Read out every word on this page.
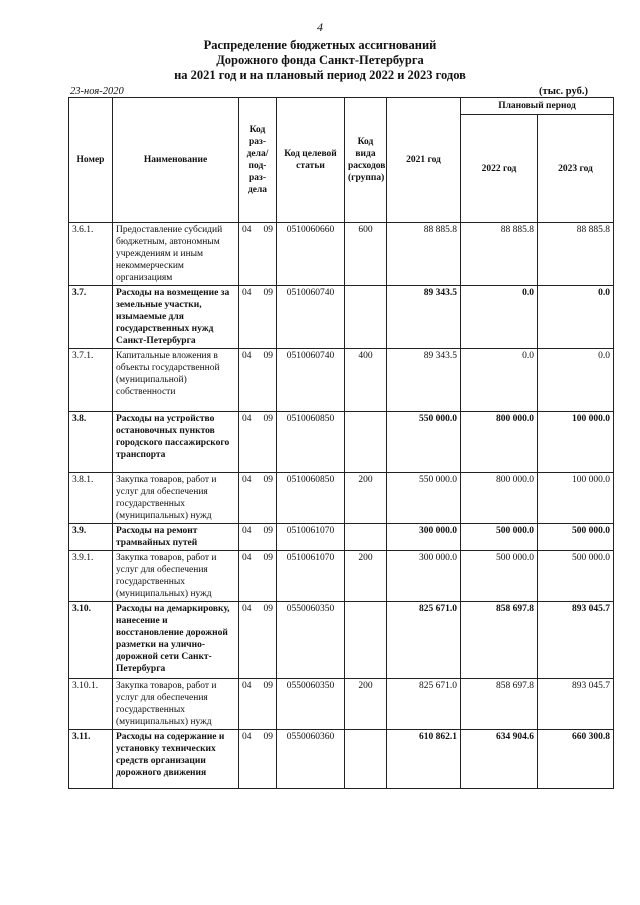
4
Распределение бюджетных ассигнований
Дорожного фонда Санкт-Петербурга
на 2021 год и на плановый период 2022 и 2023 годов
23-ноя-2020	(тыс. руб.)
Номер	Наименование	Код раз- дела/ под- раз- дела	Код целевой статьи	Код вида расходов (группа)	2021 год	Плановый период	
						2022 год	2023 год
3.6.1.	Предоставление субсидий бюджетным, автономным учреждениям и иным некоммерческим организациям	04 09	0510060660	600	88 885.8	88 885.8	88 885.8
3.7.	Расходы на возмещение за земельные участки, изымаемые для государственных нужд Санкт-Петербурга	04 09	0510060740		89 343.5	0.0	0.0
3.7.1.	Капитальные вложения в объекты государственной (муниципальной) собственности	04 09	0510060740	400	89 343.5	0.0	0.0
3.8.	Расходы на устройство остановочных пунктов городского пассажирского транспорта	04 09	0510060850		550 000.0	800 000.0	100 000.0
3.8.1.	Закупка товаров, работ и услуг для обеспечения государственных (муниципальных) нужд	04 09	0510060850	200	550 000.0	800 000.0	100 000.0
3.9.	Расходы на ремонт трамвайных путей	04 09	0510061070		300 000.0	500 000.0	500 000.0
3.9.1.	Закупка товаров, работ и услуг для обеспечения государственных (муниципальных) нужд	04 09	0510061070	200	300 000.0	500 000.0	500 000.0
3.10.	Расходы на демаркировку, нанесение и восстановление дорожной разметки на улично-дорожной сети Санкт-Петербурга	04 09	0550060350		825 671.0	858 697.8	893 045.7
3.10.1.	Закупка товаров, работ и услуг для обеспечения государственных (муниципальных) нужд	04 09	0550060350	200	825 671.0	858 697.8	893 045.7
3.11.	Расходы на содержание и установку технических средств организации дорожного движения	04 09	0550060360		610 862.1	634 904.6	660 300.8
